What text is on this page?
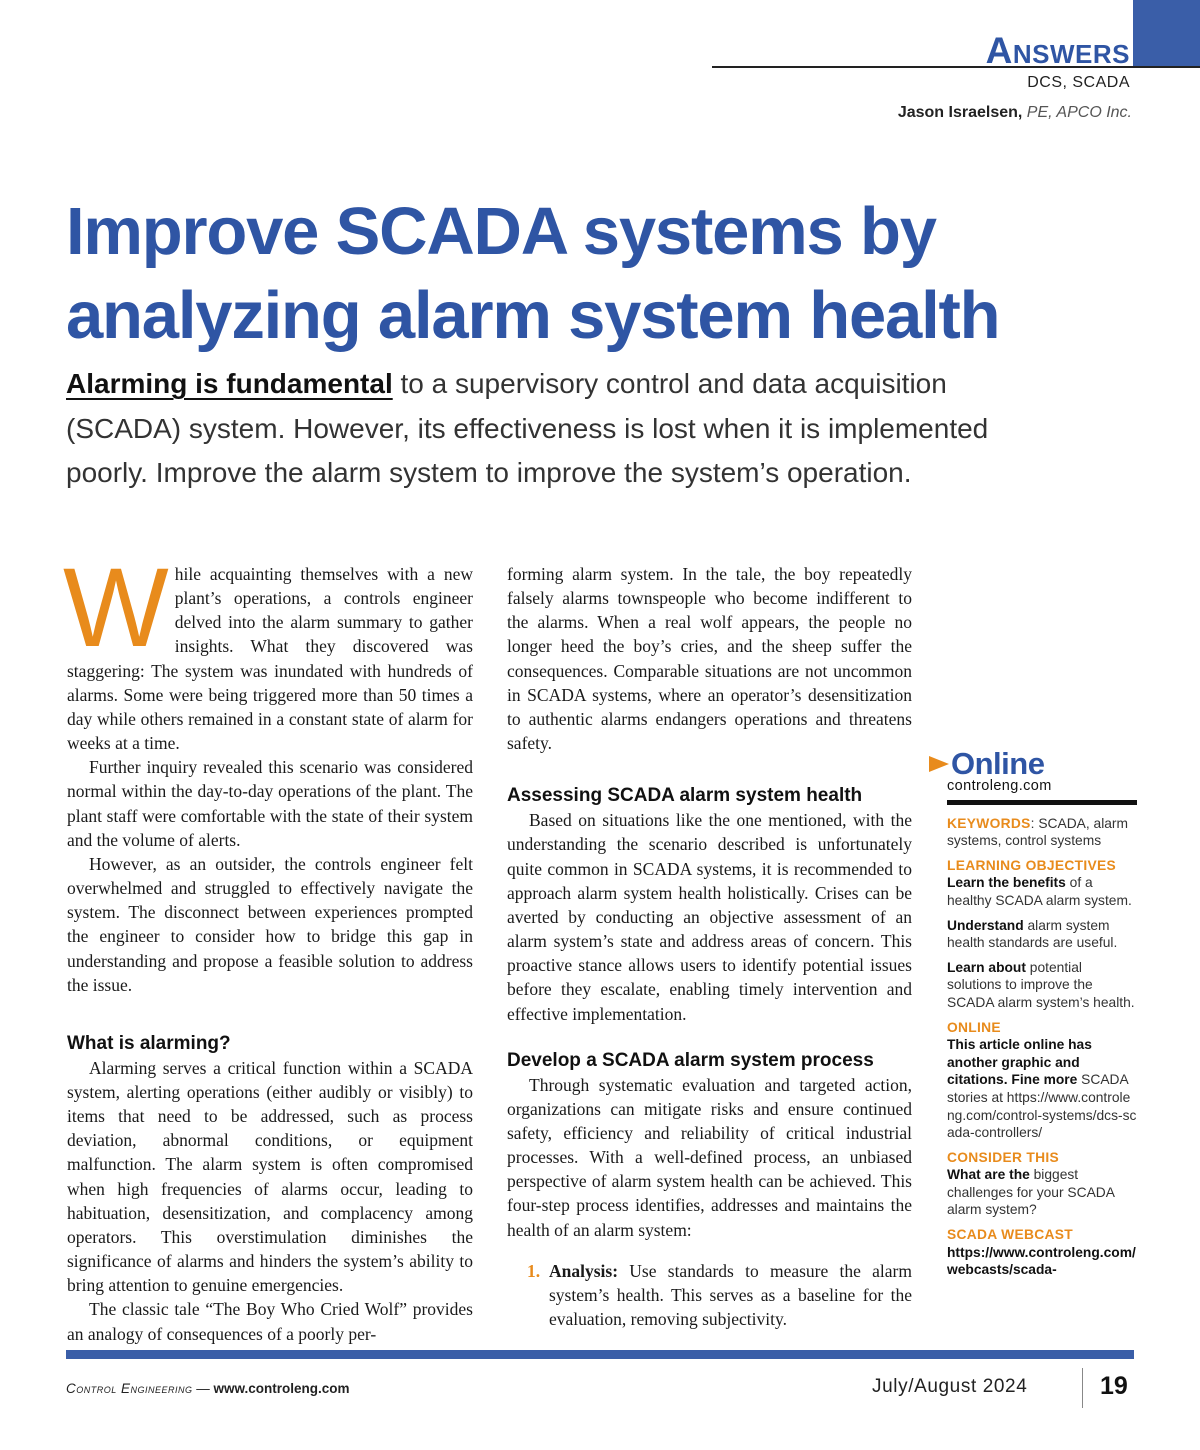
Answers
DCS, SCADA
Jason Israelsen, PE, APCO Inc.
Improve SCADA systems by analyzing alarm system health

Alarming is fundamental to a supervisory control and data acquisition (SCADA) system. However, its effectiveness is lost when it is implemented poorly. Improve the alarm system to improve the system’s operation.

While acquainting themselves with a new plant’s operations, a controls engineer delved into the alarm summary to gather insights. What they discovered was staggering: The system was inundated with hundreds of alarms. Some were being triggered more than 50 times a day while others remained in a constant state of alarm for weeks at a time.

Further inquiry revealed this scenario was considered normal within the day-to-day operations of the plant. The plant staff were comfortable with the state of their system and the volume of alerts.

However, as an outsider, the controls engineer felt overwhelmed and struggled to effectively navigate the system. The disconnect between experiences prompted the engineer to consider how to bridge this gap in understanding and propose a feasible solution to address the issue.

What is alarming?

Alarming serves a critical function within a SCADA system, alerting operations (either audibly or visibly) to items that need to be addressed, such as process deviation, abnormal conditions, or equipment malfunction. The alarm system is often compromised when high frequencies of alarms occur, leading to habituation, desensitization, and complacency among operators. This overstimulation diminishes the significance of alarms and hinders the system’s ability to bring attention to genuine emergencies.

The classic tale “The Boy Who Cried Wolf” provides an analogy of consequences of a poorly per-

forming alarm system. In the tale, the boy repeatedly falsely alarms townspeople who become indifferent to the alarms. When a real wolf appears, the people no longer heed the boy’s cries, and the sheep suffer the consequences. Comparable situations are not uncommon in SCADA systems, where an operator’s desensitization to authentic alarms endangers operations and threatens safety.

Assessing SCADA alarm system health

Based on situations like the one mentioned, with the understanding the scenario described is unfortunately quite common in SCADA systems, it is recommended to approach alarm system health holistically. Crises can be averted by conducting an objective assessment of an alarm system’s state and address areas of concern. This proactive stance allows users to identify potential issues before they escalate, enabling timely intervention and effective implementation.

Develop a SCADA alarm system process

Through systematic evaluation and targeted action, organizations can mitigate risks and ensure continued safety, efficiency and reliability of critical industrial processes. With a well-defined process, an unbiased perspective of alarm system health can be achieved. This four-step process identifies, addresses and maintains the health of an alarm system:

1. Analysis: Use standards to measure the alarm system’s health. This serves as a baseline for the evaluation, removing subjectivity.
Online
controleng.com
KEYWORDS: SCADA, alarm systems, control systems
LEARNING OBJECTIVES
Learn the benefits of a healthy SCADA alarm system.
Understand alarm system health standards are useful.
Learn about potential solutions to improve the SCADA alarm system’s health.
ONLINE
This article online has another graphic and citations. Fine more SCADA stories at https://www.controleng.com/control-systems/dcs-scada-controllers/
CONSIDER THIS
What are the biggest challenges for your SCADA alarm system?
SCADA WEBCAST
https://www.controleng.com/webcasts/scada-
Control Engineering — www.controleng.com	July/August 2024	19
